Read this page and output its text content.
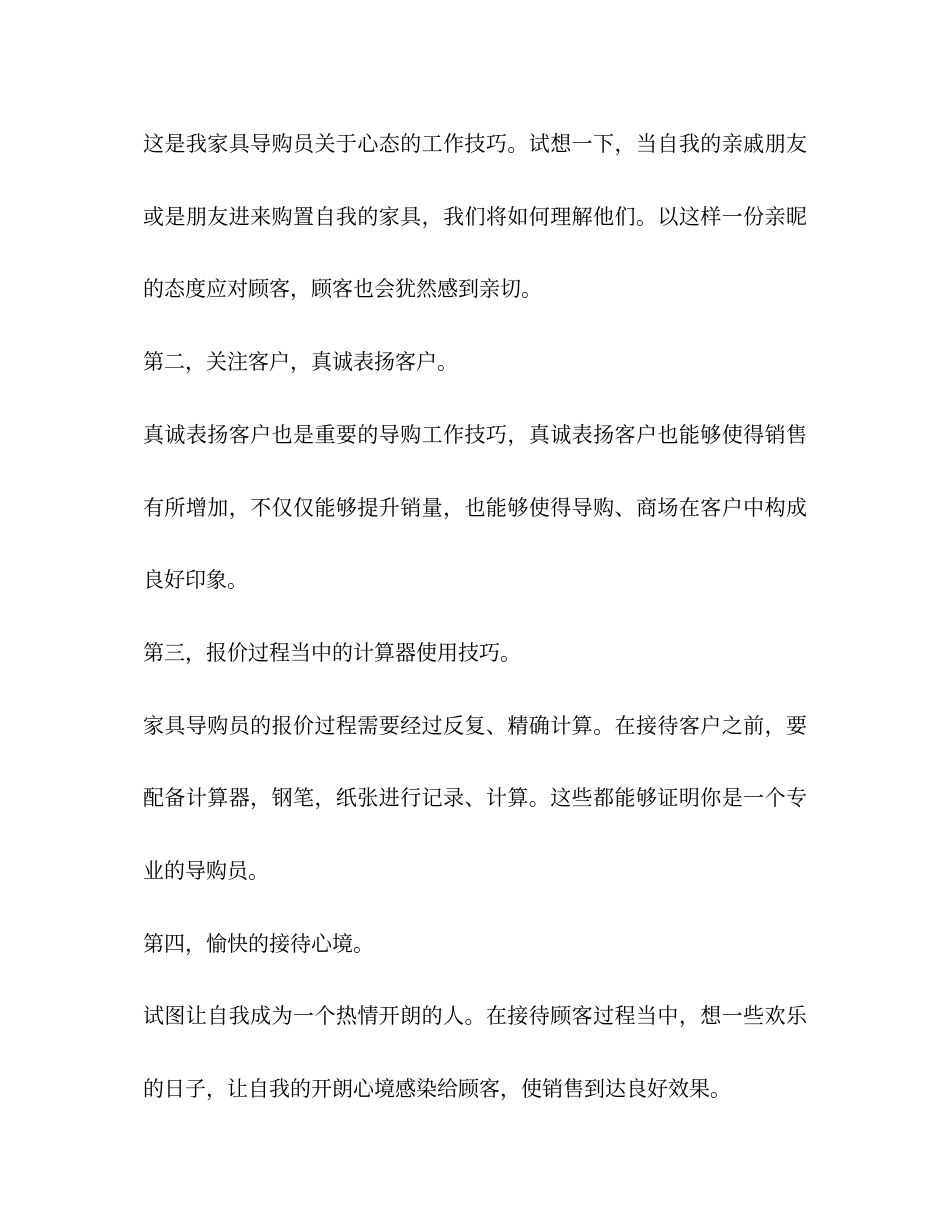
这是我家具导购员关于心态的工作技巧。试想一下，当自我的亲戚朋友或是朋友进来购置自我的家具，我们将如何理解他们。以这样一份亲昵的态度应对顾客，顾客也会犹然感到亲切。

第二，关注客户，真诚表扬客户。

真诚表扬客户也是重要的导购工作技巧，真诚表扬客户也能够使得销售有所增加，不仅仅能够提升销量，也能够使得导购、商场在客户中构成良好印象。

第三，报价过程当中的计算器使用技巧。

家具导购员的报价过程需要经过反复、精确计算。在接待客户之前，要配备计算器，钢笔，纸张进行记录、计算。这些都能够证明你是一个专业的导购员。

第四，愉快的接待心境。

试图让自我成为一个热情开朗的人。在接待顾客过程当中，想一些欢乐的日子，让自我的开朗心境感染给顾客，使销售到达良好效果。
